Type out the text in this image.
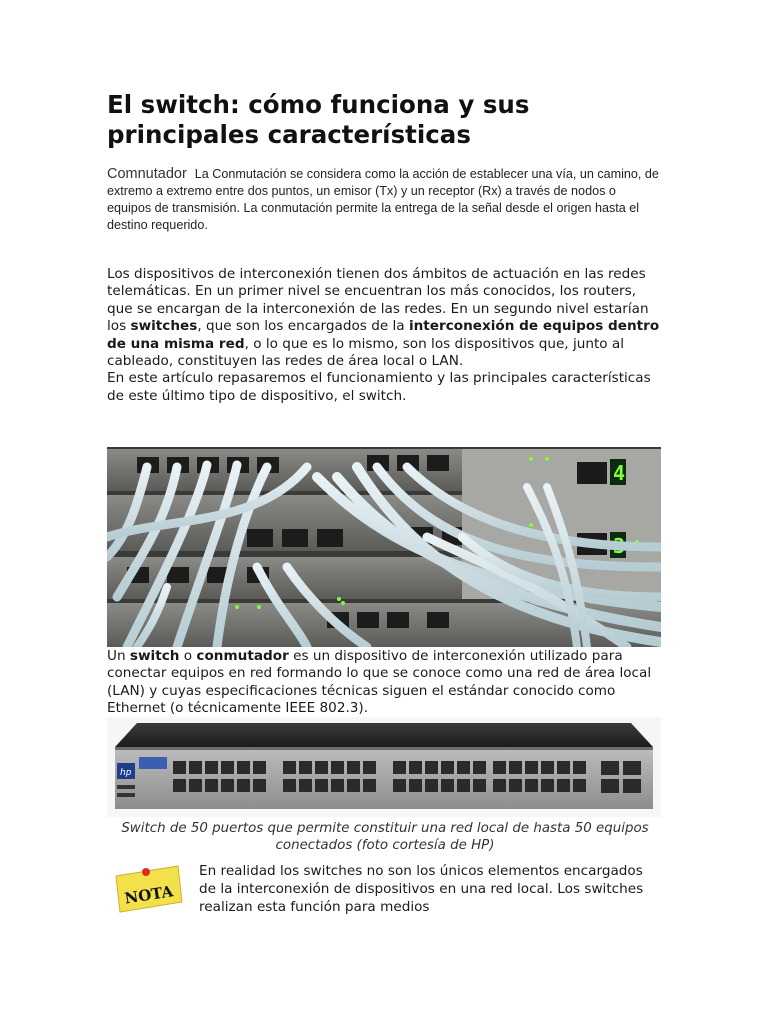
El switch: cómo funciona y sus principales características

Comnutador La Conmutación se considera como la acción de establecer una vía, un camino, de extremo a extremo entre dos puntos, un emisor (Tx) y un receptor (Rx) a través de nodos o equipos de transmisión. La conmutación permite la entrega de la señal desde el origen hasta el destino requerido.

Los dispositivos de interconexión tienen dos ámbitos de actuación en las redes telemáticas. En un primer nivel se encuentran los más conocidos, los routers, que se encargan de la interconexión de las redes. En un segundo nivel estarían los switches, que son los encargados de la interconexión de equipos dentro de una misma red, o lo que es lo mismo, son los dispositivos que, junto al cableado, constituyen las redes de área local o LAN.
En este artículo repasaremos el funcionamiento y las principales características de este último tipo de dispositivo, el switch.

4
3

Un switch o conmutador es un dispositivo de interconexión utilizado para conectar equipos en red formando lo que se conoce como una red de área local (LAN) y cuyas especificaciones técnicas siguen el estándar conocido como Ethernet (o técnicamente IEEE 802.3).

hp

Switch de 50 puertos que permite constituir una red local de hasta 50 equipos conectados (foto cortesía de HP)

NOTA

En realidad los switches no son los únicos elementos encargados de la interconexión de dispositivos en una red local. Los switches realizan esta función para medios
